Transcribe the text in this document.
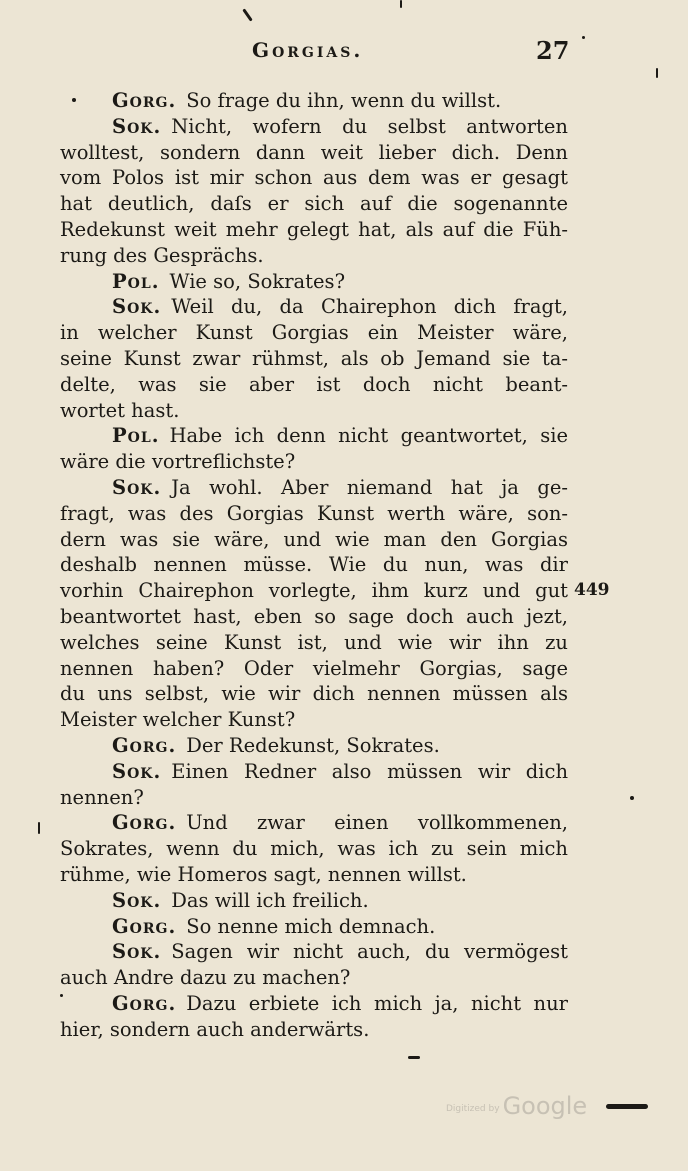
Gorgias.	27
Gorg. So frage du ihn, wenn du willst.
Sok. Nicht, wofern du selbst antworten
wolltest, sondern dann weit lieber dich. Denn
vom Polos ist mir schon aus dem was er gesagt
hat deutlich, daſs er sich auf die sogenannte
Redekunst weit mehr gelegt hat, als auf die Füh-
rung des Gesprächs.
Pol. Wie so, Sokrates?
Sok. Weil du, da Chairephon dich fragt,
in welcher Kunst Gorgias ein Meister wäre,
seine Kunst zwar rühmst, als ob Jemand sie ta-
delte, was sie aber ist doch nicht beant-
wortet hast.
Pol. Habe ich denn nicht geantwortet, sie
wäre die vortreflichste?
Sok. Ja wohl. Aber niemand hat ja ge-
fragt, was des Gorgias Kunst werth wäre, son-
dern was sie wäre, und wie man den Gorgias
deshalb nennen müsse. Wie du nun, was dir
vorhin Chairephon vorlegte, ihm kurz und gut
beantwortet hast, eben so sage doch auch jezt,
welches seine Kunst ist, und wie wir ihn zu
nennen haben? Oder vielmehr Gorgias, sage
du uns selbst, wie wir dich nennen müssen als
Meister welcher Kunst?
Gorg. Der Redekunst, Sokrates.
Sok. Einen Redner also müssen wir dich
nennen?
Gorg. Und zwar einen vollkommenen,
Sokrates, wenn du mich, was ich zu sein mich
rühme, wie Homeros sagt, nennen willst.
Sok. Das will ich freilich.
Gorg. So nenne mich demnach.
Sok. Sagen wir nicht auch, du vermögest
auch Andre dazu zu machen?
Gorg. Dazu erbiete ich mich ja, nicht nur
hier, sondern auch anderwärts.
449
Digitized by Google
